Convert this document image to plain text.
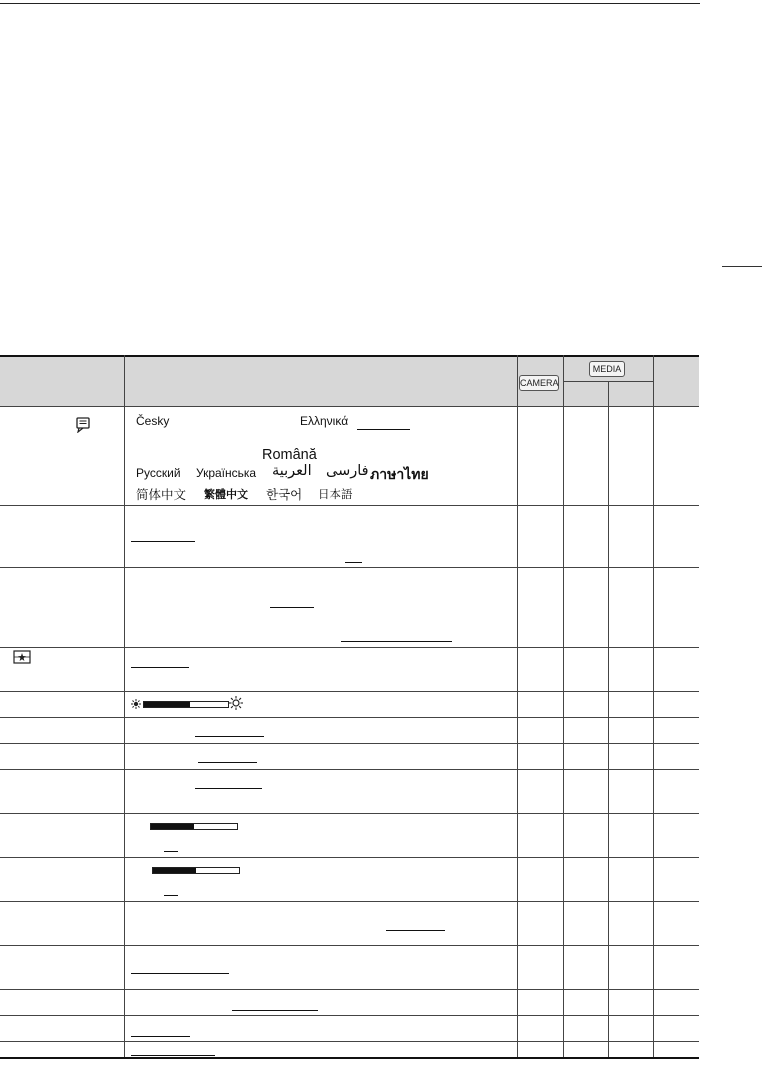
CAMERA
MEDIA
Česky	Ελληνικά
Română
Русский Українська العربية فارسی ภาษาไทย
简体中文 繁體中文 한국어 日本語
